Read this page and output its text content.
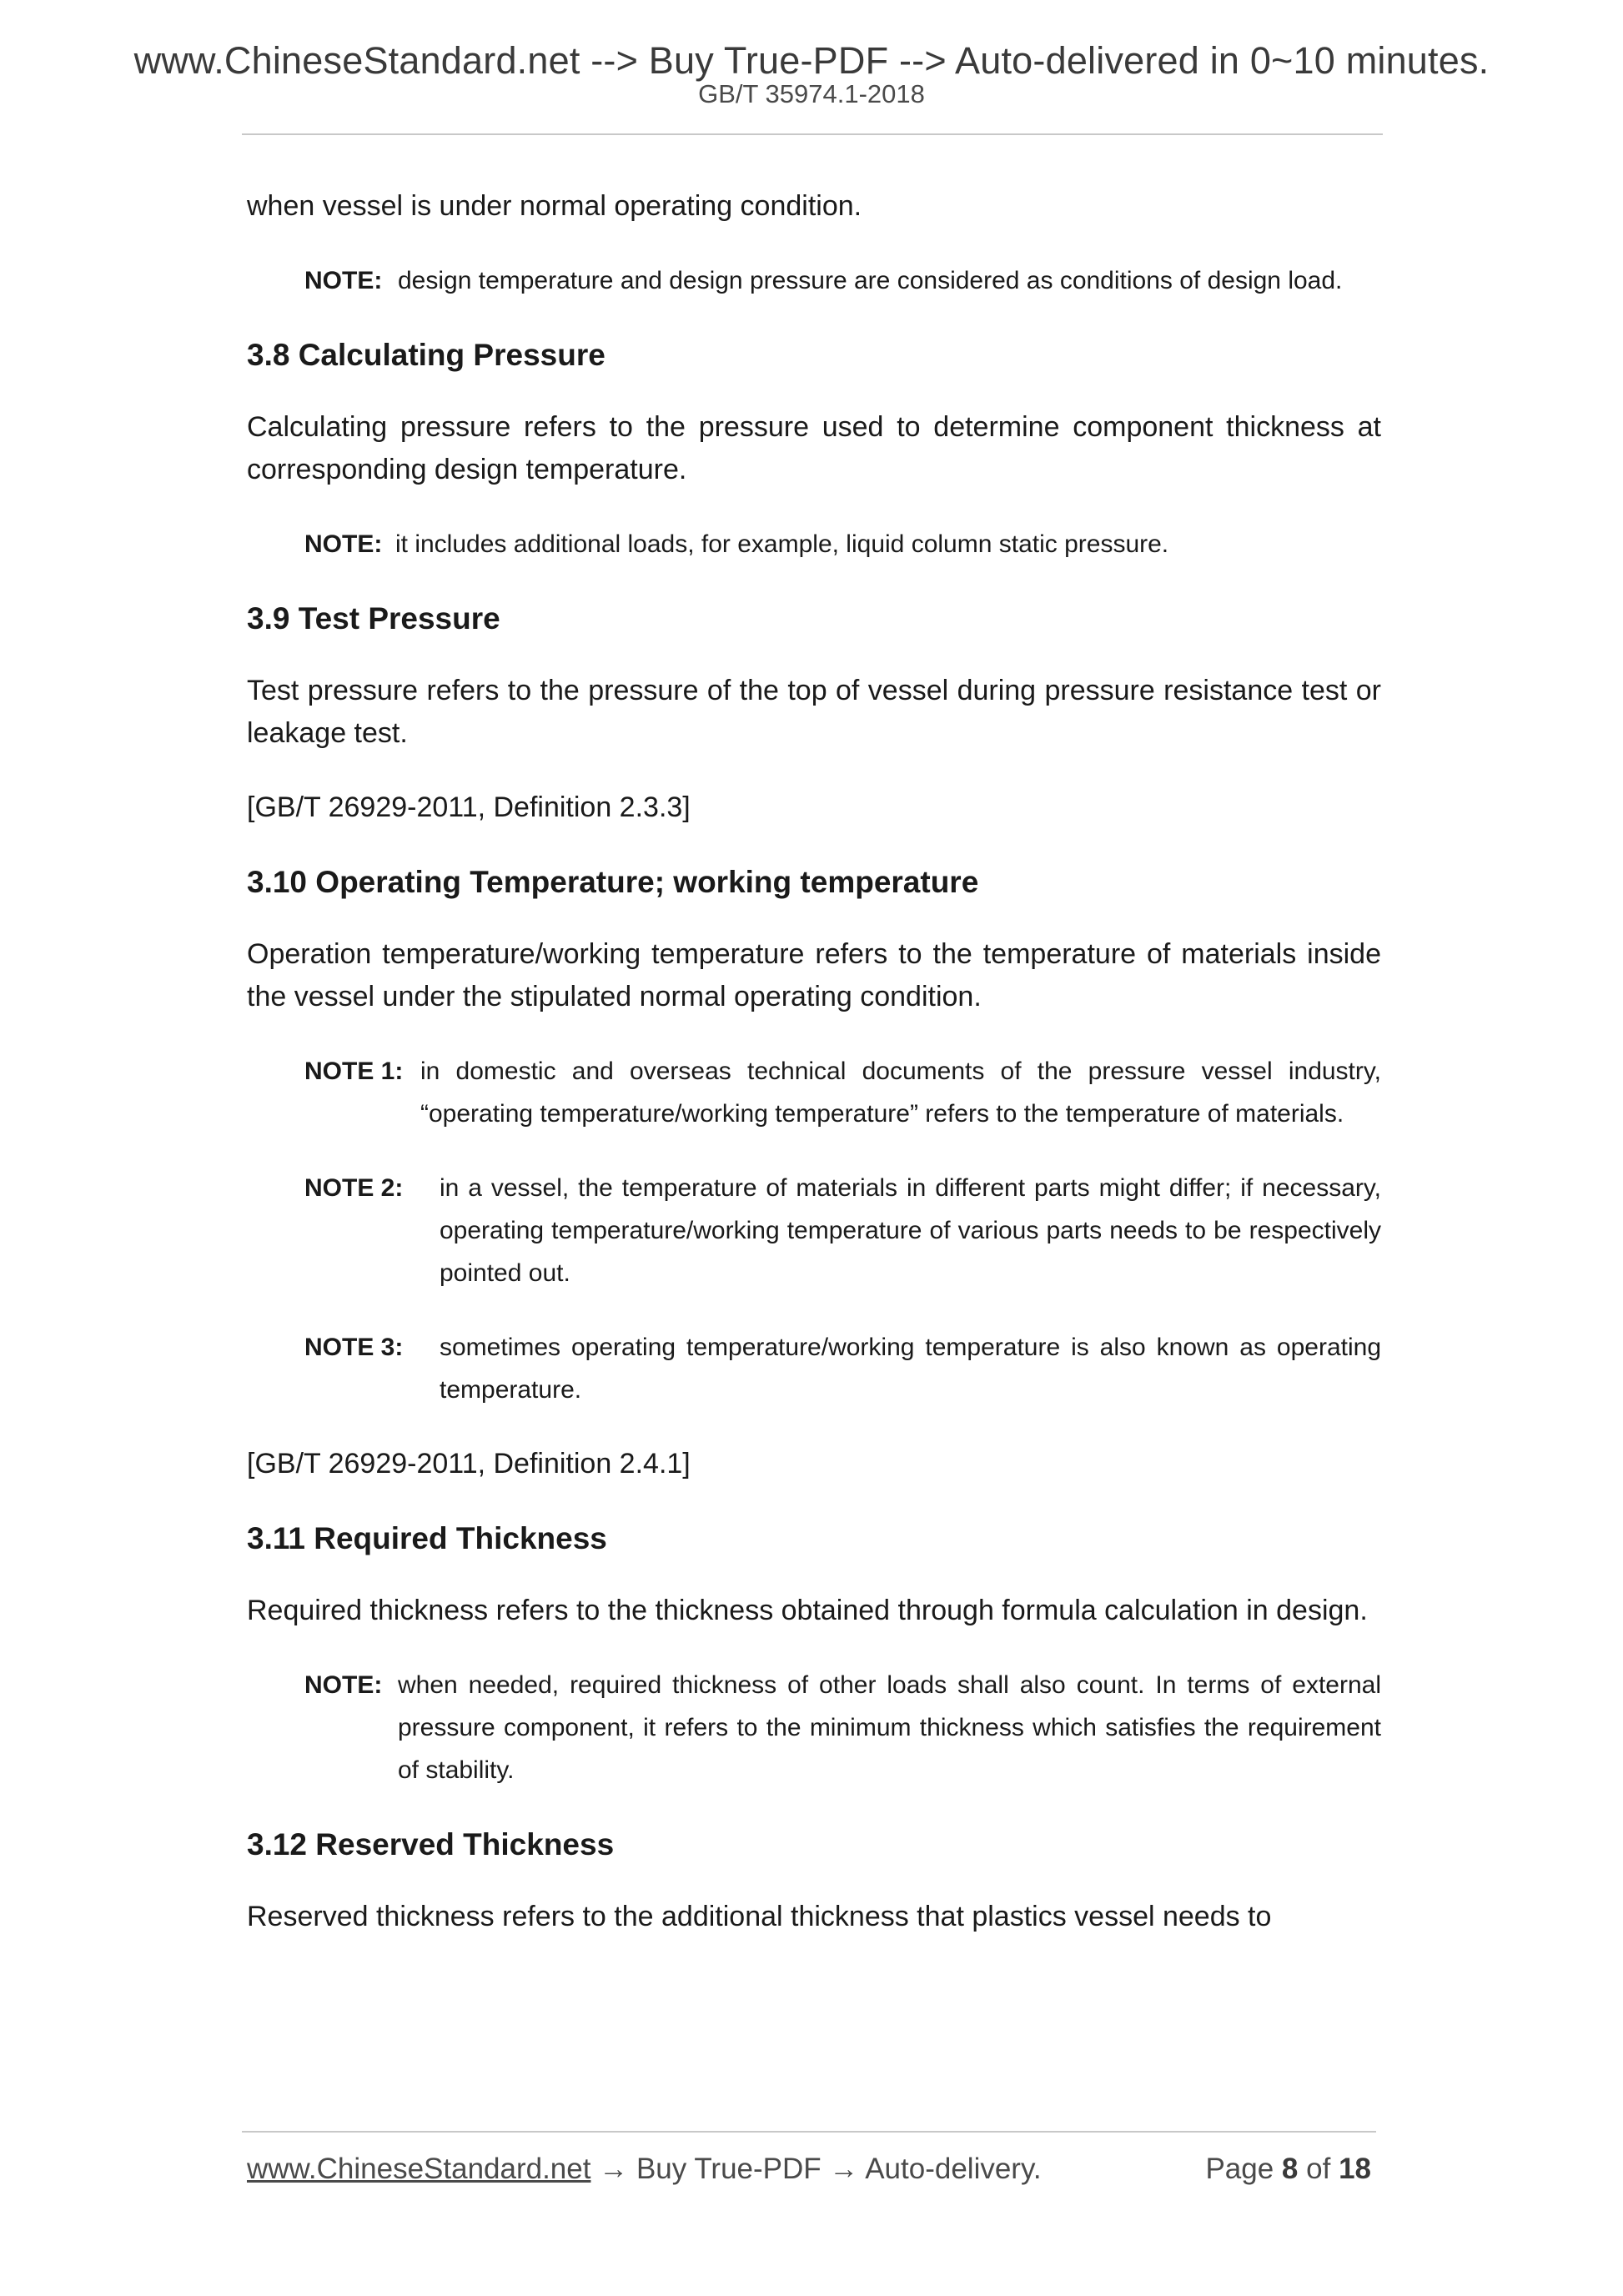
www.ChineseStandard.net --> Buy True-PDF --> Auto-delivered in 0~10 minutes.
GB/T 35974.1-2018

when vessel is under normal operating condition.

NOTE: design temperature and design pressure are considered as conditions of design load.
3.8 Calculating Pressure

Calculating pressure refers to the pressure used to determine component thickness at corresponding design temperature.

NOTE: it includes additional loads, for example, liquid column static pressure.
3.9 Test Pressure

Test pressure refers to the pressure of the top of vessel during pressure resistance test or leakage test.

[GB/T 26929-2011, Definition 2.3.3]

3.10 Operating Temperature; working temperature

Operation temperature/working temperature refers to the temperature of materials inside the vessel under the stipulated normal operating condition.

NOTE 1: in domestic and overseas technical documents of the pressure vessel industry, “operating temperature/working temperature” refers to the temperature of materials.
NOTE 2:	in a vessel, the temperature of materials in different parts might differ; if necessary, operating temperature/working temperature of various parts needs to be respectively pointed out.
NOTE 3:	sometimes operating temperature/working temperature is also known as operating temperature.

[GB/T 26929-2011, Definition 2.4.1]

3.11 Required Thickness

Required thickness refers to the thickness obtained through formula calculation in design.

NOTE: when needed, required thickness of other loads shall also count. In terms of external pressure component, it refers to the minimum thickness which satisfies the requirement of stability.
3.12 Reserved Thickness

Reserved thickness refers to the additional thickness that plastics vessel needs to

www.ChineseStandard.net → Buy True-PDF → Auto-delivery.	Page 8 of 18
